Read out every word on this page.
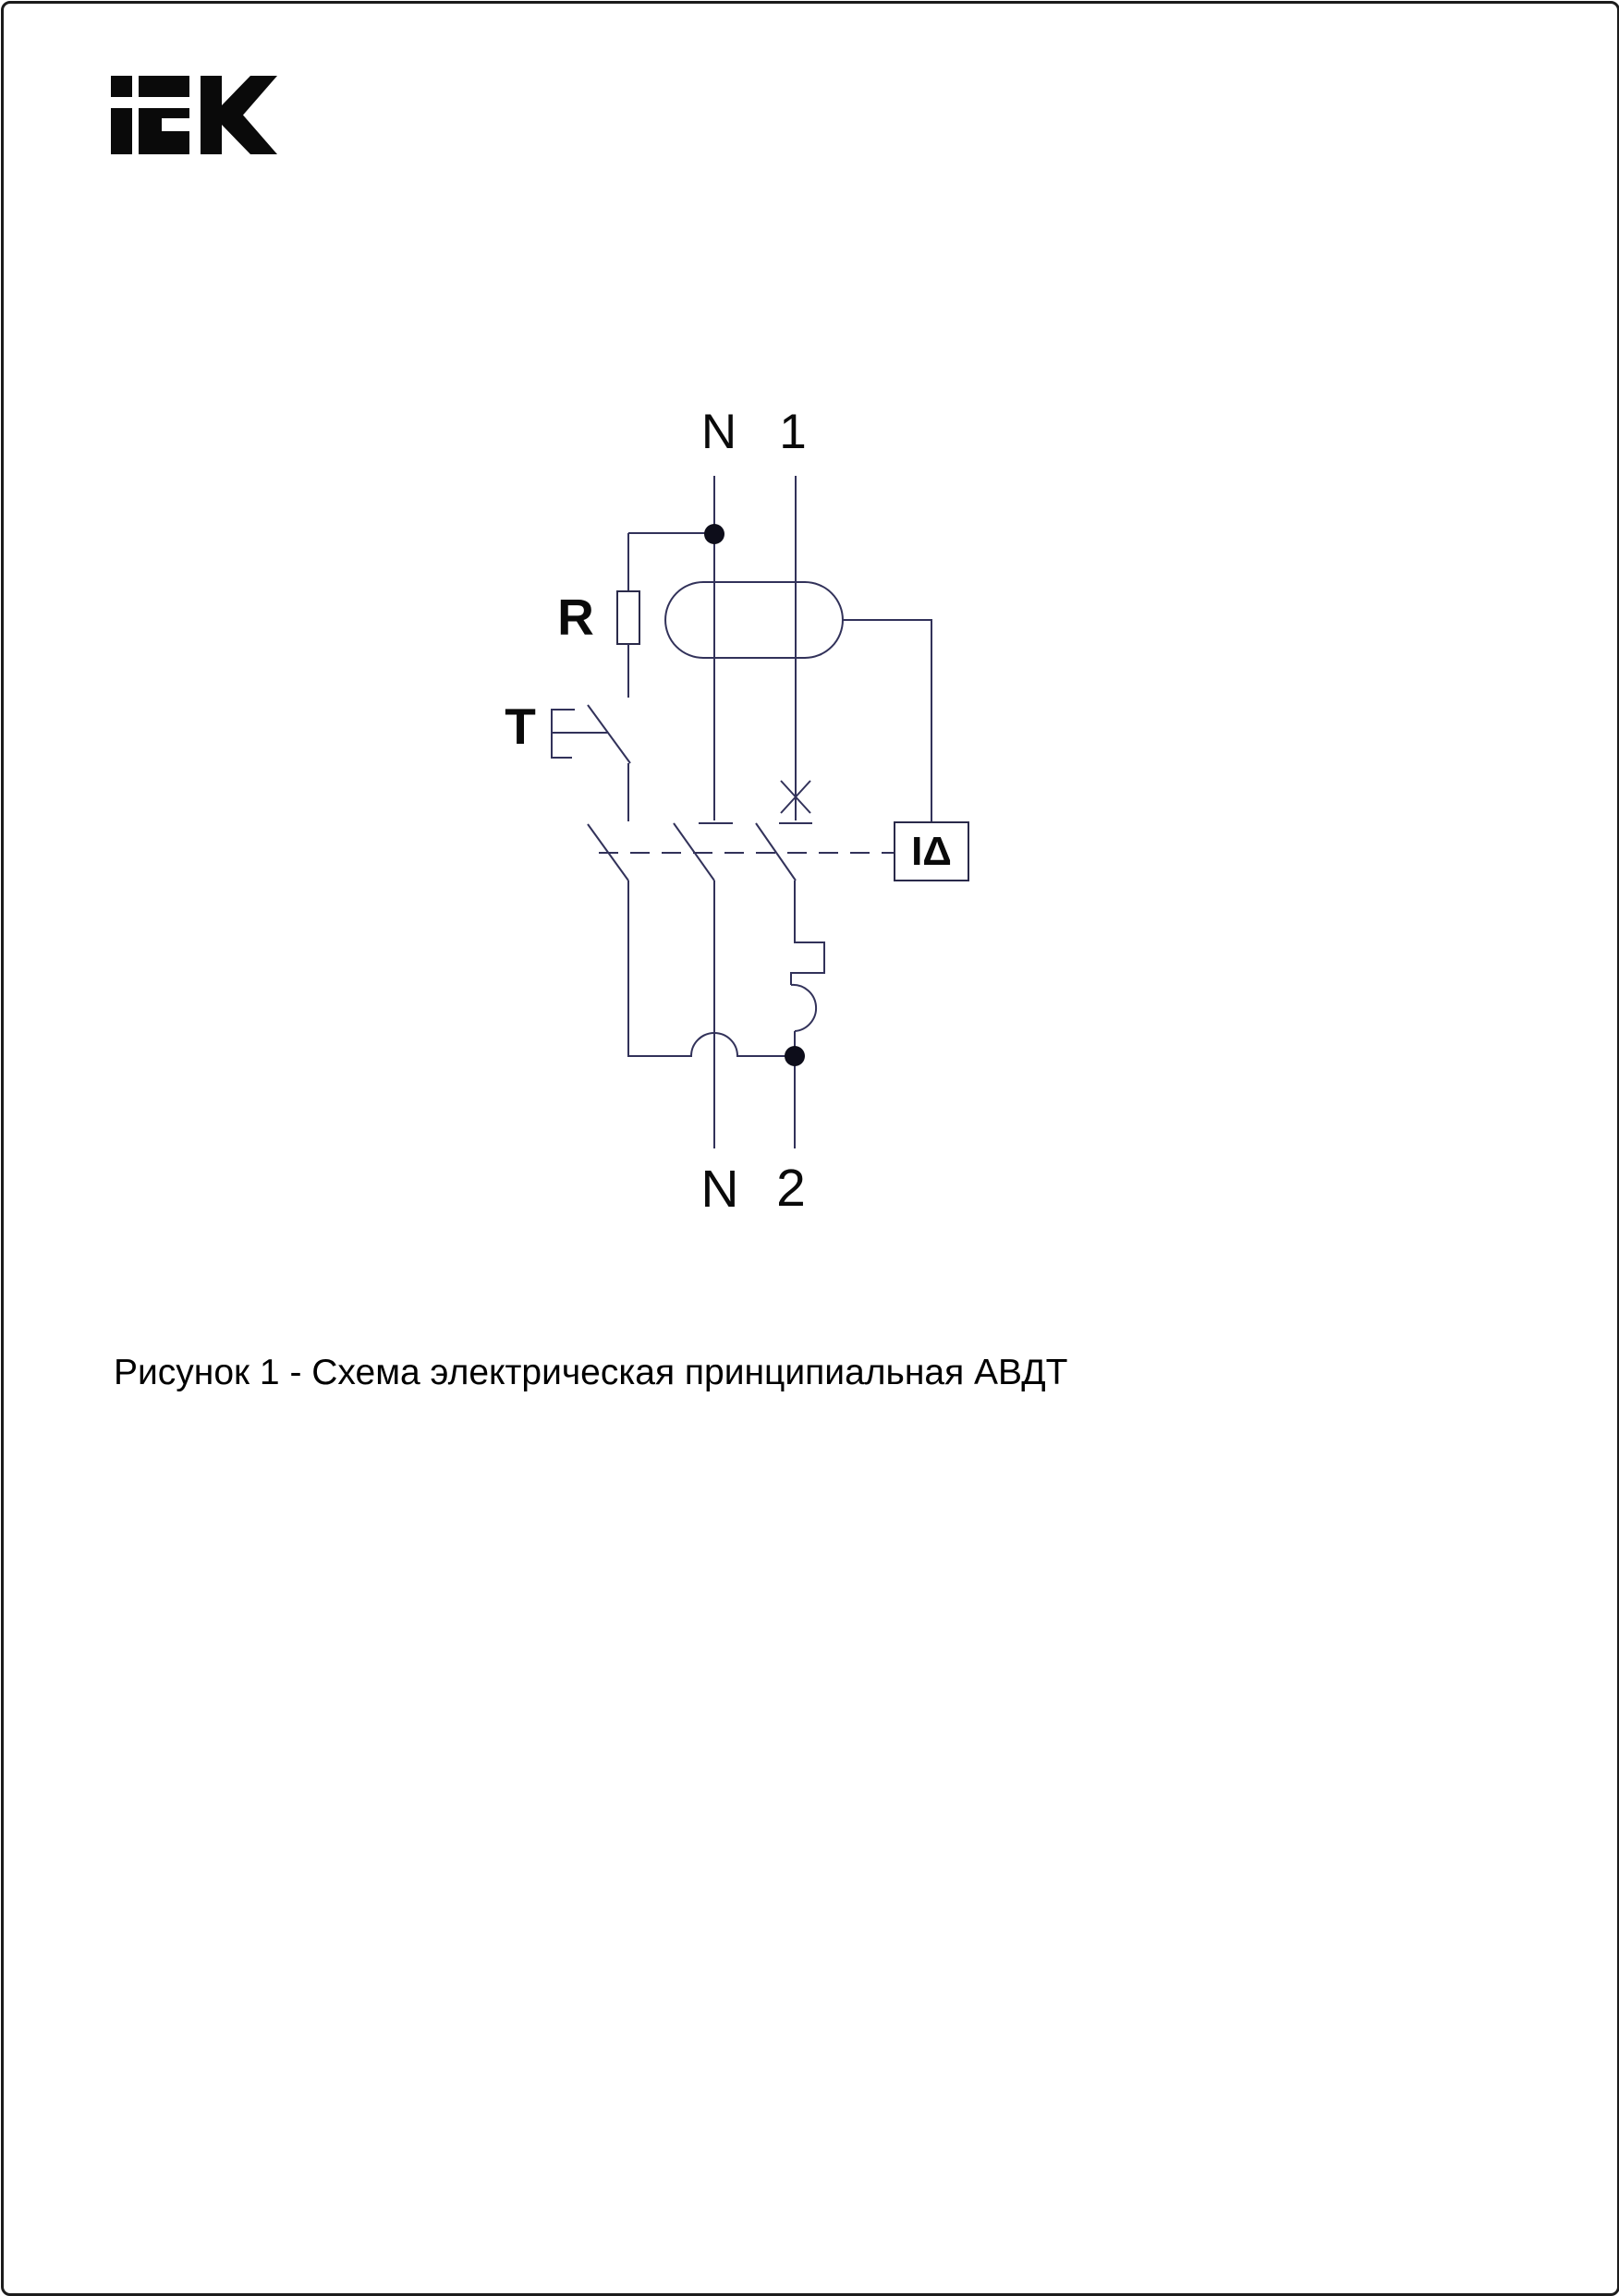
IΔ
N 1
R
T
N 2
Рисунок 1 - Схема электрическая принципиальная АВДТ
